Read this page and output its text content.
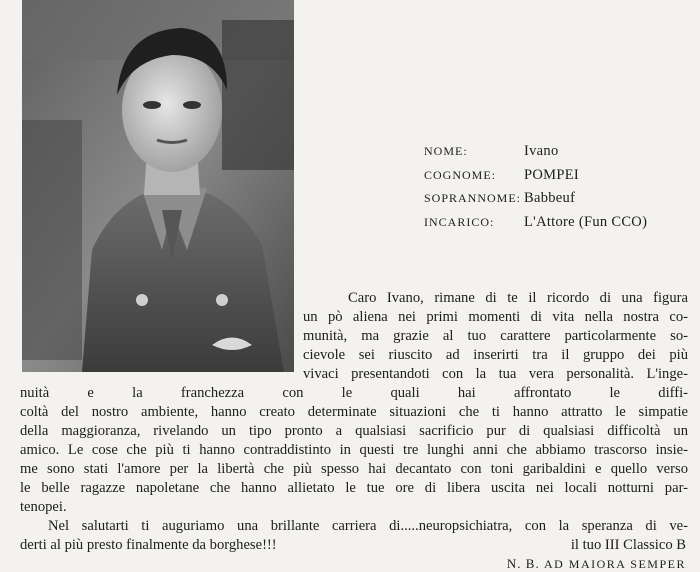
NOME:	Ivano
COGNOME:	POMPEI
SOPRANNOME: Babbeuf
INCARICO:	L'Attore (Fun CCO)
Caro Ivano, rimane di te il ricordo di una figura
un pò aliena nei primi momenti di vita nella nostra co-
munità, ma grazie al tuo carattere particolarmente so-
cievole sei riuscito ad inserirti tra il gruppo dei più
vivaci presentandoti con la tua vera personalità. L'inge-
nuità e la franchezza con le quali hai affrontato le diffi-
coltà del nostro ambiente, hanno creato determinate situazioni che ti hanno attratto le simpatie
della maggioranza, rivelando un tipo pronto a qualsiasi sacrificio pur di qualsiasi difficoltà un
amico. Le cose che più ti hanno contraddistinto in questi tre lunghi anni che abbiamo trascorso insie-
me sono stati l'amore per la libertà che più spesso hai decantato con toni garibaldini e quello verso
le belle ragazze napoletane che hanno allietato le tue ore di libera uscita nei locali notturni par-
tenopei.
Nel salutarti ti auguriamo una brillante carriera di.....neuropsichiatra, con la speranza di ve-
derti al più presto finalmente da borghese!!!	il tuo III Classico B
N. B. AD MAIORA SEMPER
